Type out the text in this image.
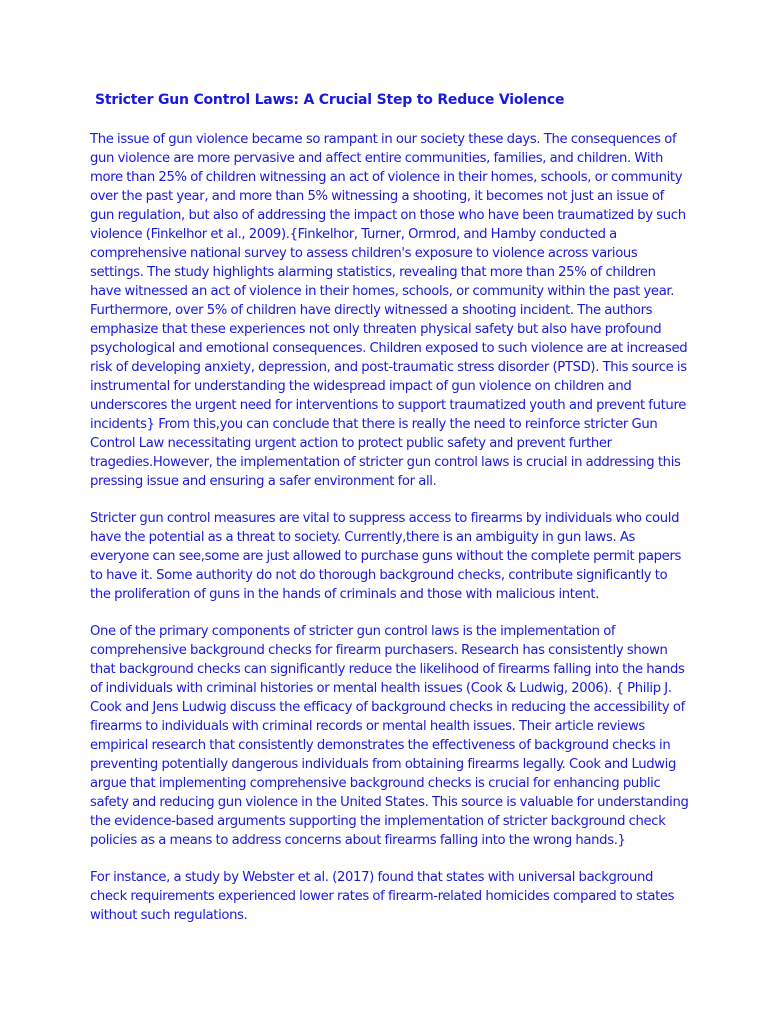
Stricter Gun Control Laws: A Crucial Step to Reduce Violence

The issue of gun violence became so rampant in our society these days. The consequences of gun violence are more pervasive and affect entire communities, families, and children. With more than 25% of children witnessing an act of violence in their homes, schools, or community over the past year, and more than 5% witnessing a shooting, it becomes not just an issue of gun regulation, but also of addressing the impact on those who have been traumatized by such violence (Finkelhor et al., 2009).{Finkelhor, Turner, Ormrod, and Hamby conducted a comprehensive national survey to assess children's exposure to violence across various settings. The study highlights alarming statistics, revealing that more than 25% of children have witnessed an act of violence in their homes, schools, or community within the past year. Furthermore, over 5% of children have directly witnessed a shooting incident. The authors emphasize that these experiences not only threaten physical safety but also have profound psychological and emotional consequences. Children exposed to such violence are at increased risk of developing anxiety, depression, and post-traumatic stress disorder (PTSD). This source is instrumental for understanding the widespread impact of gun violence on children and underscores the urgent need for interventions to support traumatized youth and prevent future incidents} From this,you can conclude that there is really the need to reinforce stricter Gun Control Law necessitating urgent action to protect public safety and prevent further tragedies.However, the implementation of stricter gun control laws is crucial in addressing this pressing issue and ensuring a safer environment for all.

Stricter gun control measures are vital to suppress access to firearms by individuals who could have the potential as a threat to society. Currently,there is an ambiguity in gun laws. As everyone can see,some are just allowed to purchase guns without the complete permit papers to have it. Some authority do not do thorough background checks, contribute significantly to the proliferation of guns in the hands of criminals and those with malicious intent.

One of the primary components of stricter gun control laws is the implementation of comprehensive background checks for firearm purchasers. Research has consistently shown that background checks can significantly reduce the likelihood of firearms falling into the hands of individuals with criminal histories or mental health issues (Cook & Ludwig, 2006). { Philip J. Cook and Jens Ludwig discuss the efficacy of background checks in reducing the accessibility of firearms to individuals with criminal records or mental health issues. Their article reviews empirical research that consistently demonstrates the effectiveness of background checks in preventing potentially dangerous individuals from obtaining firearms legally. Cook and Ludwig argue that implementing comprehensive background checks is crucial for enhancing public safety and reducing gun violence in the United States. This source is valuable for understanding the evidence-based arguments supporting the implementation of stricter background check policies as a means to address concerns about firearms falling into the wrong hands.}

For instance, a study by Webster et al. (2017) found that states with universal background check requirements experienced lower rates of firearm-related homicides compared to states without such regulations.
